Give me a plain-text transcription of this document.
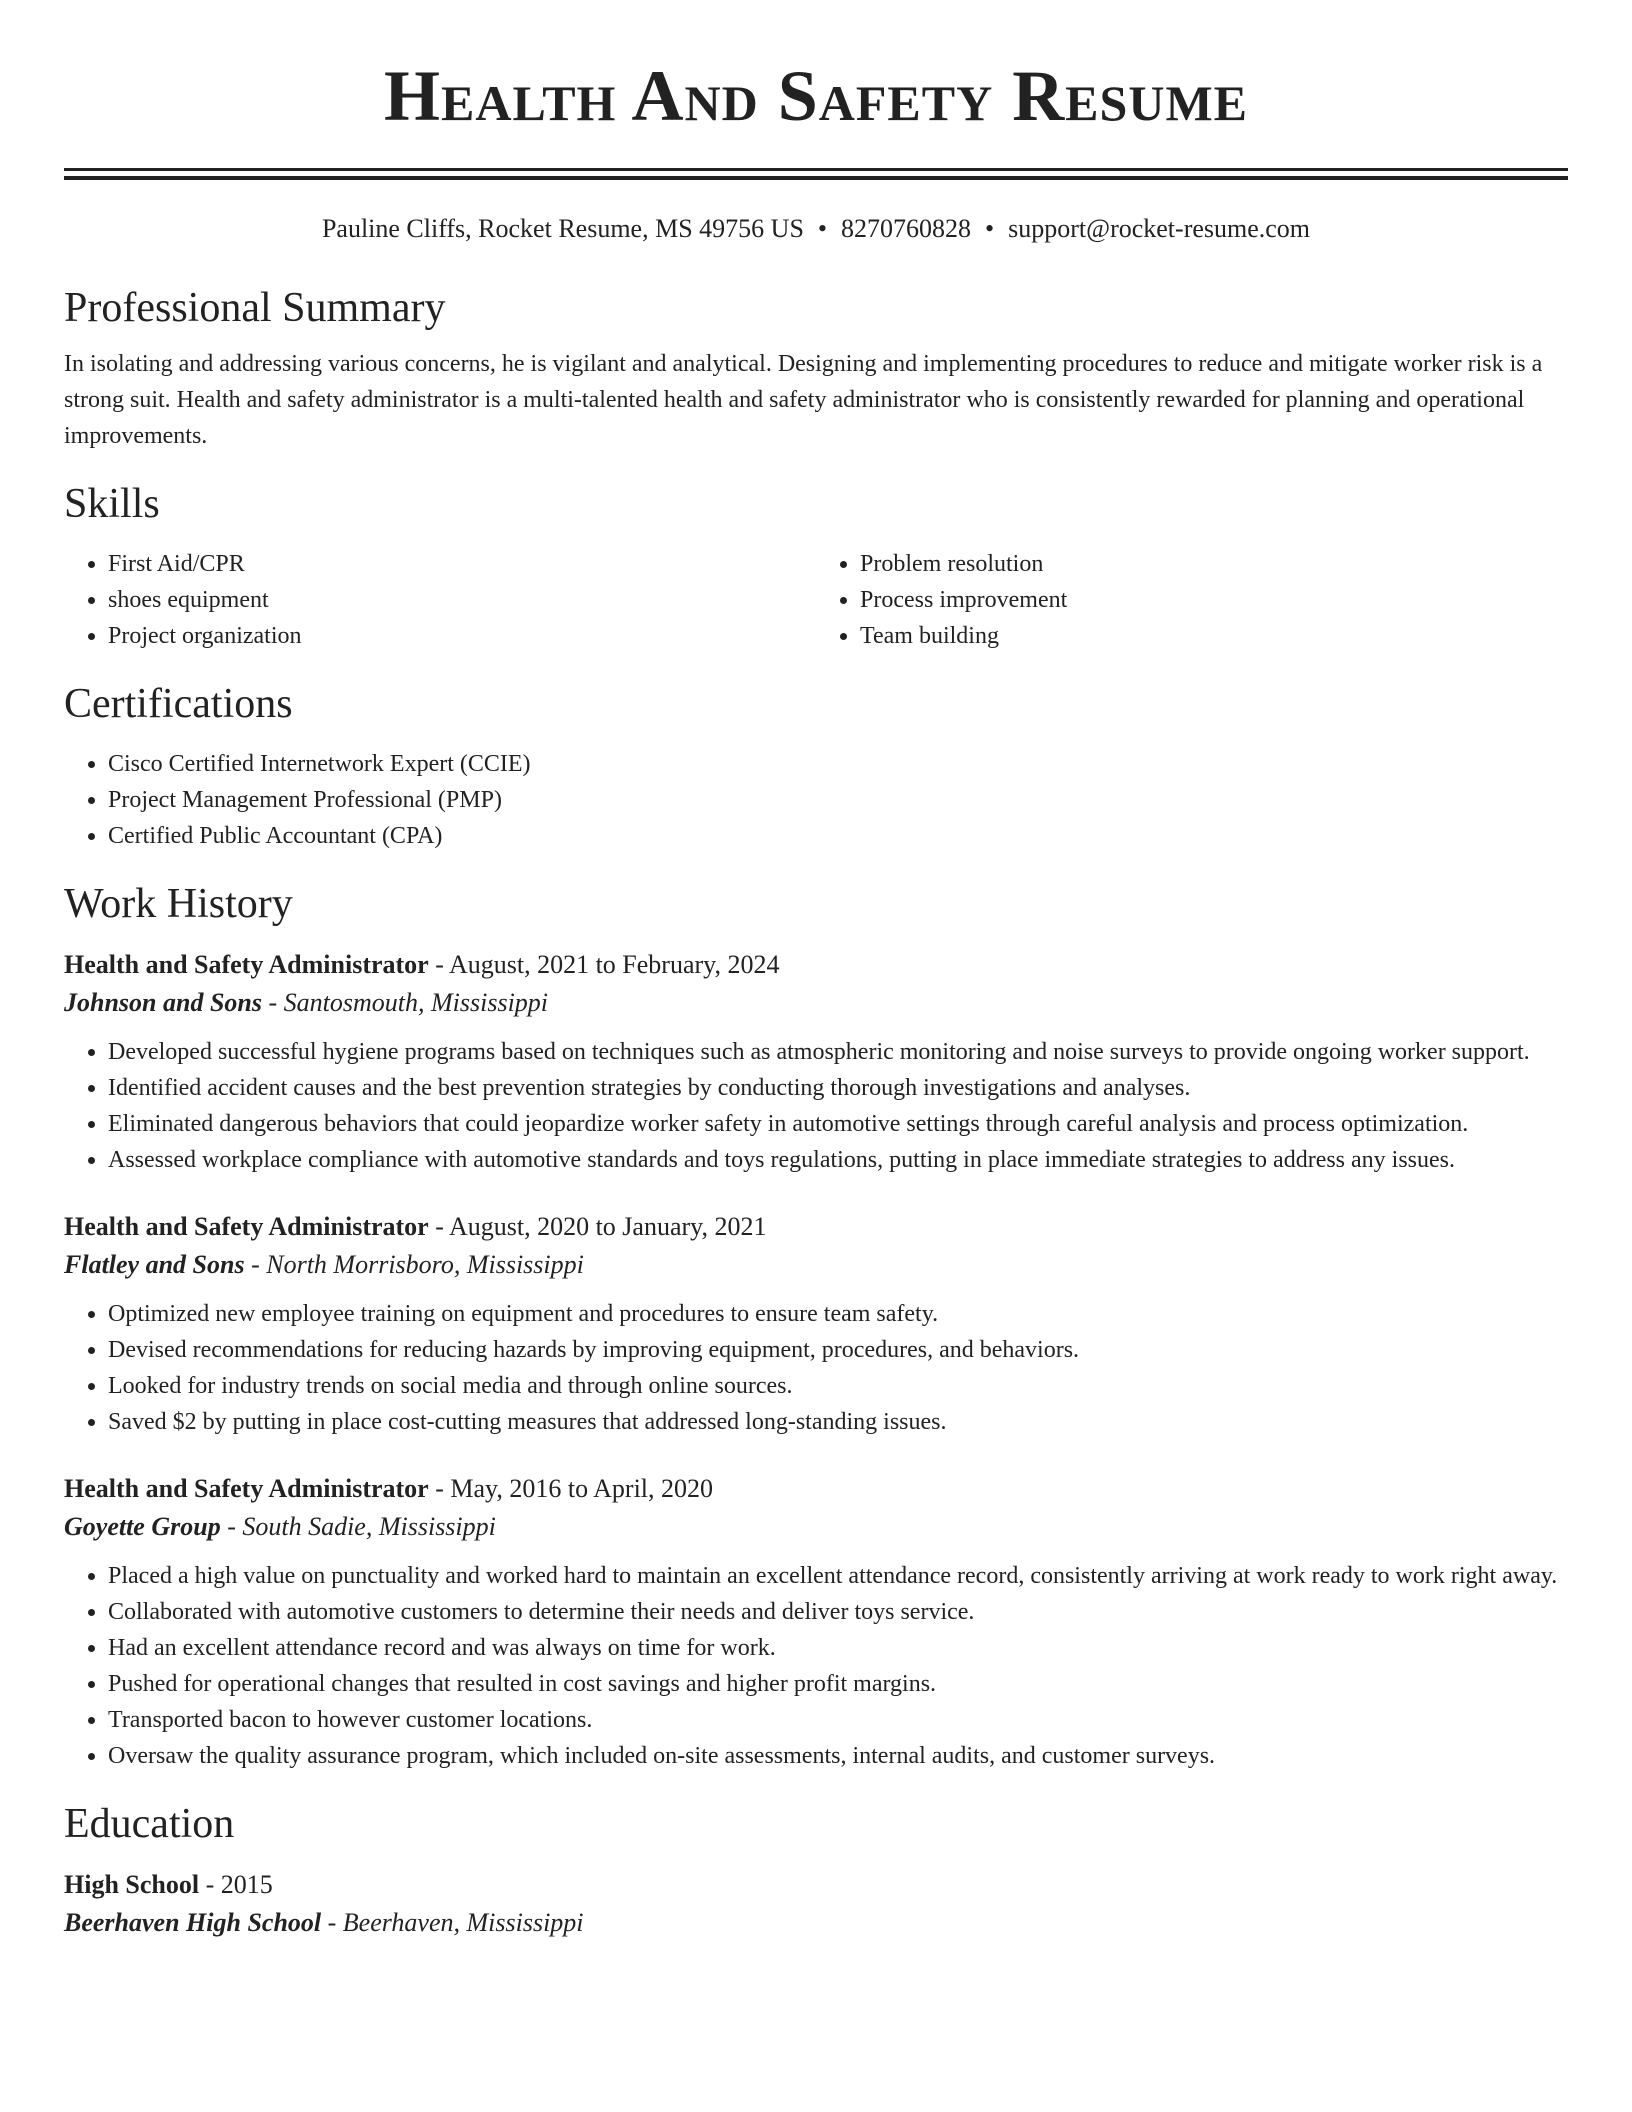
Health And Safety Resume
Pauline Cliffs, Rocket Resume, MS 49756 US • 8270760828 • support@rocket-resume.com
Professional Summary

In isolating and addressing various concerns, he is vigilant and analytical. Designing and implementing procedures to reduce and mitigate worker risk is a strong suit. Health and safety administrator is a multi-talented health and safety administrator who is consistently rewarded for planning and operational improvements.

Skills
• First Aid/CPR
• shoes equipment
• Project organization
• Problem resolution
• Process improvement
• Team building
Certifications
• Cisco Certified Internetwork Expert (CCIE)
• Project Management Professional (PMP)
• Certified Public Accountant (CPA)
Work History
Health and Safety Administrator - August, 2021 to February, 2024
Johnson and Sons - Santosmouth, Mississippi
• Developed successful hygiene programs based on techniques such as atmospheric monitoring and noise surveys to provide ongoing worker support.
• Identified accident causes and the best prevention strategies by conducting thorough investigations and analyses.
• Eliminated dangerous behaviors that could jeopardize worker safety in automotive settings through careful analysis and process optimization.
• Assessed workplace compliance with automotive standards and toys regulations, putting in place immediate strategies to address any issues.
Health and Safety Administrator - August, 2020 to January, 2021
Flatley and Sons - North Morrisboro, Mississippi
• Optimized new employee training on equipment and procedures to ensure team safety.
• Devised recommendations for reducing hazards by improving equipment, procedures, and behaviors.
• Looked for industry trends on social media and through online sources.
• Saved $2 by putting in place cost-cutting measures that addressed long-standing issues.
Health and Safety Administrator - May, 2016 to April, 2020
Goyette Group - South Sadie, Mississippi
• Placed a high value on punctuality and worked hard to maintain an excellent attendance record, consistently arriving at work ready to work right away.
• Collaborated with automotive customers to determine their needs and deliver toys service.
• Had an excellent attendance record and was always on time for work.
• Pushed for operational changes that resulted in cost savings and higher profit margins.
• Transported bacon to however customer locations.
• Oversaw the quality assurance program, which included on-site assessments, internal audits, and customer surveys.
Education
High School - 2015
Beerhaven High School - Beerhaven, Mississippi
